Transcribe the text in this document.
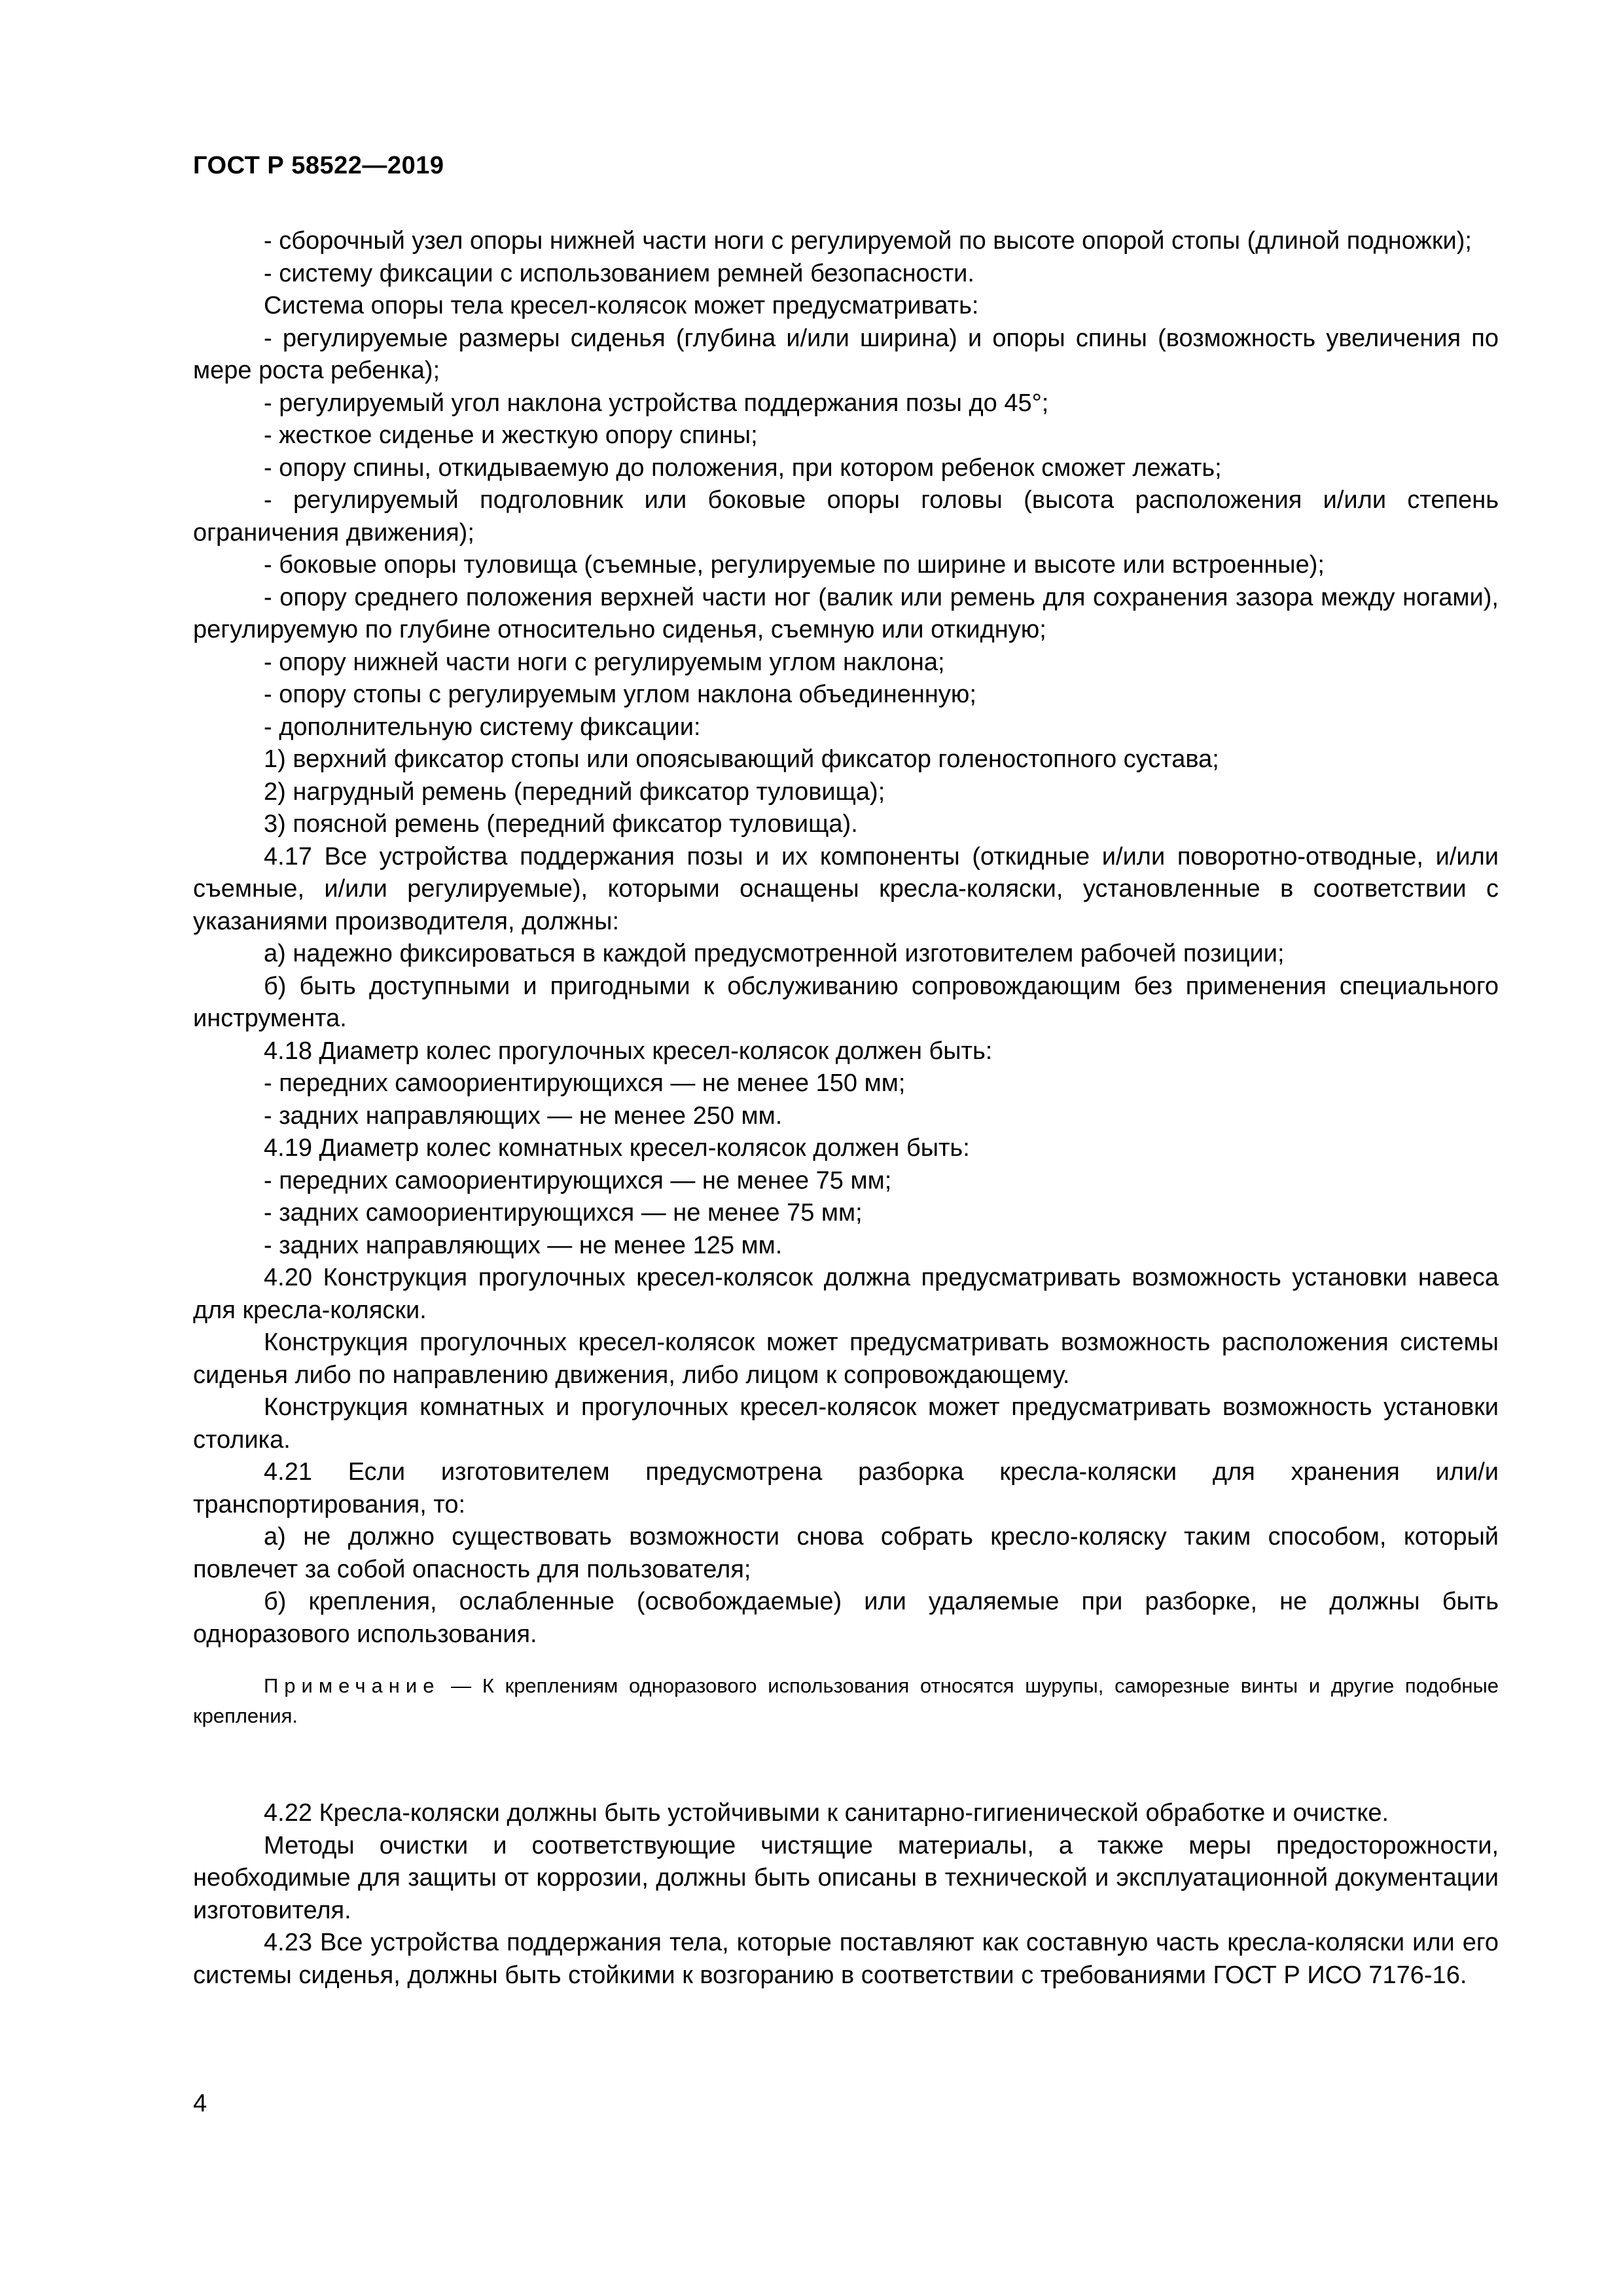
ГОСТ Р 58522—2019

- сборочный узел опоры нижней части ноги с регулируемой по высоте опорой стопы (длиной подножки);

- систему фиксации с использованием ремней безопасности.

Система опоры тела кресел-колясок может предусматривать:

- регулируемые размеры сиденья (глубина и/или ширина) и опоры спины (возможность увеличения по мере роста ребенка);

- регулируемый угол наклона устройства поддержания позы до 45°;

- жесткое сиденье и жесткую опору спины;

- опору спины, откидываемую до положения, при котором ребенок сможет лежать;

- регулируемый подголовник или боковые опоры головы (высота расположения и/или степень ограничения движения);

- боковые опоры туловища (съемные, регулируемые по ширине и высоте или встроенные);

- опору среднего положения верхней части ног (валик или ремень для сохранения зазора между ногами), регулируемую по глубине относительно сиденья, съемную или откидную;

- опору нижней части ноги с регулируемым углом наклона;

- опору стопы с регулируемым углом наклона объединенную;

- дополнительную систему фиксации:

1) верхний фиксатор стопы или опоясывающий фиксатор голеностопного сустава;

2) нагрудный ремень (передний фиксатор туловища);

3) поясной ремень (передний фиксатор туловища).

4.17 Все устройства поддержания позы и их компоненты (откидные и/или поворотно-отводные, и/или съемные, и/или регулируемые), которыми оснащены кресла-коляски, установленные в соответствии с указаниями производителя, должны:

а) надежно фиксироваться в каждой предусмотренной изготовителем рабочей позиции;

б) быть доступными и пригодными к обслуживанию сопровождающим без применения специального инструмента.

4.18 Диаметр колес прогулочных кресел-колясок должен быть:

- передних самоориентирующихся — не менее 150 мм;

- задних направляющих — не менее 250 мм.

4.19 Диаметр колес комнатных кресел-колясок должен быть:

- передних самоориентирующихся — не менее 75 мм;

- задних самоориентирующихся — не менее 75 мм;

- задних направляющих — не менее 125 мм.

4.20 Конструкция прогулочных кресел-колясок должна предусматривать возможность установки навеса для кресла-коляски.

Конструкция прогулочных кресел-колясок может предусматривать возможность расположения системы сиденья либо по направлению движения, либо лицом к сопровождающему.

Конструкция комнатных и прогулочных кресел-колясок может предусматривать возможность установки столика.

4.21 Если изготовителем предусмотрена разборка кресла-коляски для хранения или/и транспортирования, то:

а) не должно существовать возможности снова собрать кресло-коляску таким способом, который повлечет за собой опасность для пользователя;

б) крепления, ослабленные (освобождаемые) или удаляемые при разборке, не должны быть одноразового использования.

Примечание — К креплениям одноразового использования относятся шурупы, саморезные винты и другие подобные крепления.

4.22 Кресла-коляски должны быть устойчивыми к санитарно-гигиенической обработке и очистке.

Методы очистки и соответствующие чистящие материалы, а также меры предосторожности, необходимые для защиты от коррозии, должны быть описаны в технической и эксплуатационной документации изготовителя.

4.23 Все устройства поддержания тела, которые поставляют как составную часть кресла-коляски или его системы сиденья, должны быть стойкими к возгоранию в соответствии с требованиями ГОСТ Р ИСО 7176-16.

4
